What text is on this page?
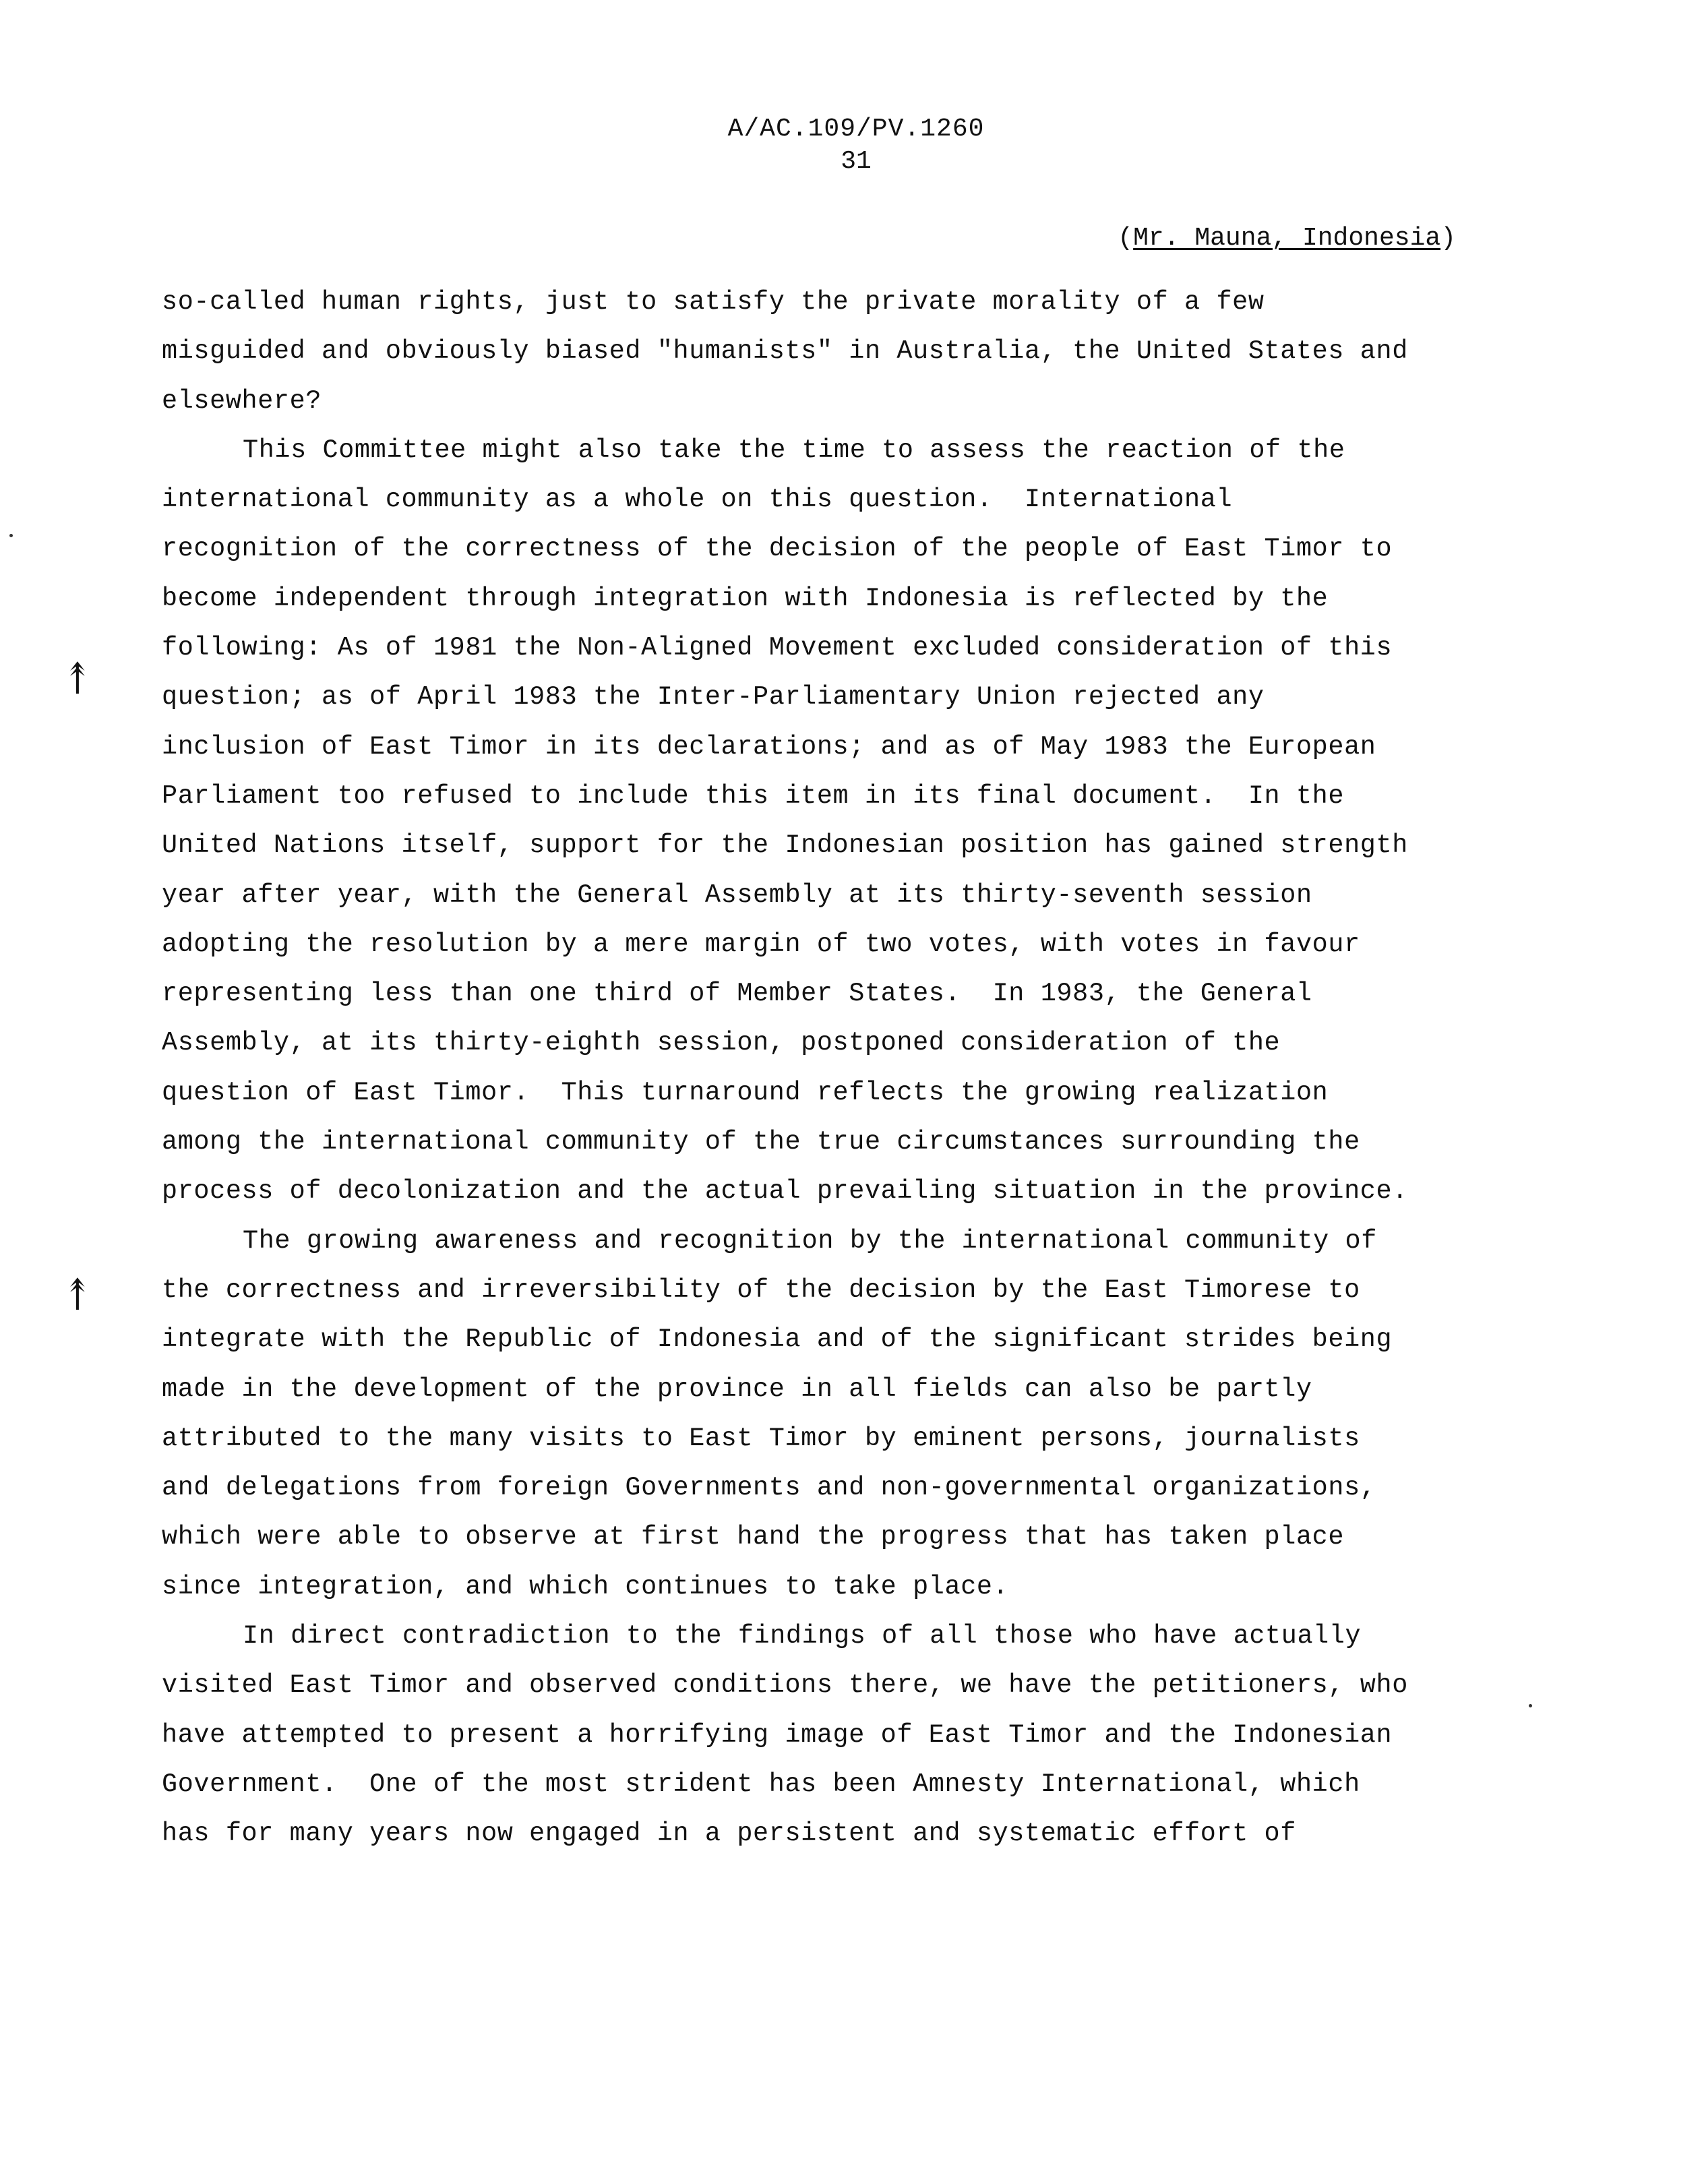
A/AC.109/PV.1260
31
(Mr. Mauna, Indonesia)
so-called human rights, just to satisfy the private morality of a few
misguided and obviously biased "humanists" in Australia, the United States and
elsewhere?
This Committee might also take the time to assess the reaction of the
international community as a whole on this question.  International
recognition of the correctness of the decision of the people of East Timor to
become independent through integration with Indonesia is reflected by the
following: As of 1981 the Non-Aligned Movement excluded consideration of this
question; as of April 1983 the Inter-Parliamentary Union rejected any
inclusion of East Timor in its declarations; and as of May 1983 the European
Parliament too refused to include this item in its final document.  In the
United Nations itself, support for the Indonesian position has gained strength
year after year, with the General Assembly at its thirty-seventh session
adopting the resolution by a mere margin of two votes, with votes in favour
representing less than one third of Member States.  In 1983, the General
Assembly, at its thirty-eighth session, postponed consideration of the
question of East Timor.  This turnaround reflects the growing realization
among the international community of the true circumstances surrounding the
process of decolonization and the actual prevailing situation in the province.
The growing awareness and recognition by the international community of
the correctness and irreversibility of the decision by the East Timorese to
integrate with the Republic of Indonesia and of the significant strides being
made in the development of the province in all fields can also be partly
attributed to the many visits to East Timor by eminent persons, journalists
and delegations from foreign Governments and non-governmental organizations,
which were able to observe at first hand the progress that has taken place
since integration, and which continues to take place.
In direct contradiction to the findings of all those who have actually
visited East Timor and observed conditions there, we have the petitioners, who
have attempted to present a horrifying image of East Timor and the Indonesian
Government.  One of the most strident has been Amnesty International, which
has for many years now engaged in a persistent and systematic effort of
↟
↟
